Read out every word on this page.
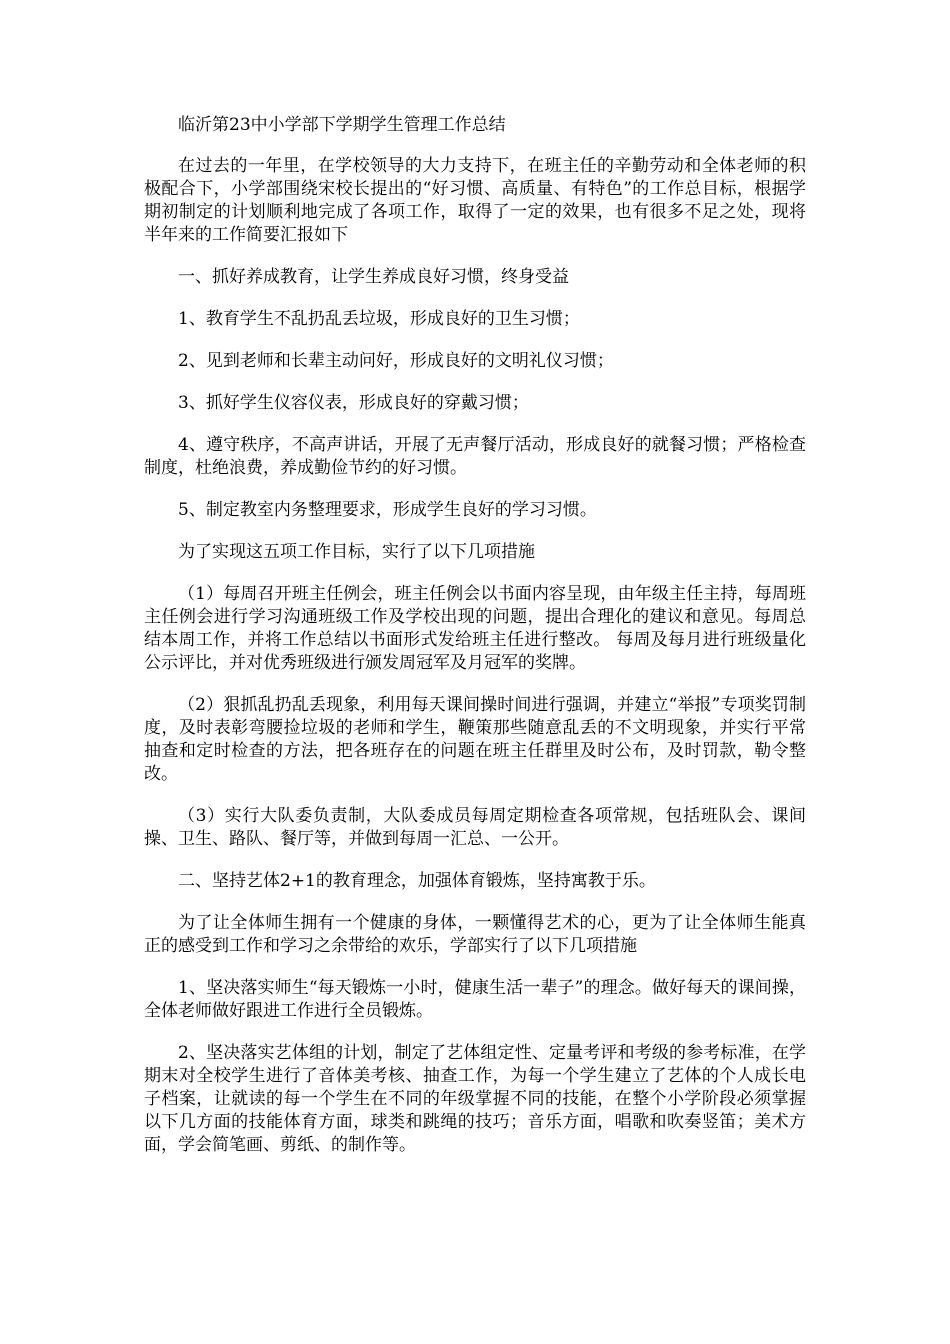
临沂第23中小学部下学期学生管理工作总结

在过去的一年里，在学校领导的大力支持下，在班主任的辛勤劳动和全体老师的积极配合下，小学部围绕宋校长提出的“好习惯、高质量、有特色”的工作总目标，根据学期初制定的计划顺利地完成了各项工作，取得了一定的效果，也有很多不足之处，现将半年来的工作简要汇报如下

一、抓好养成教育，让学生养成良好习惯，终身受益

1、教育学生不乱扔乱丢垃圾，形成良好的卫生习惯；

2、见到老师和长辈主动问好，形成良好的文明礼仪习惯；

3、抓好学生仪容仪表，形成良好的穿戴习惯；

4、遵守秩序，不高声讲话，开展了无声餐厅活动，形成良好的就餐习惯；严格检查制度，杜绝浪费，养成勤俭节约的好习惯。

5、制定教室内务整理要求，形成学生良好的学习习惯。

为了实现这五项工作目标，实行了以下几项措施

（1）每周召开班主任例会，班主任例会以书面内容呈现，由年级主任主持，每周班主任例会进行学习沟通班级工作及学校出现的问题，提出合理化的建议和意见。每周总结本周工作，并将工作总结以书面形式发给班主任进行整改。 每周及每月进行班级量化公示评比，并对优秀班级进行颁发周冠军及月冠军的奖牌。

（2）狠抓乱扔乱丢现象，利用每天课间操时间进行强调，并建立“举报”专项奖罚制度，及时表彰弯腰捡垃圾的老师和学生，鞭策那些随意乱丢的不文明现象，并实行平常抽查和定时检查的方法，把各班存在的问题在班主任群里及时公布，及时罚款，勒令整改。

（3）实行大队委负责制，大队委成员每周定期检查各项常规，包括班队会、课间操、卫生、路队、餐厅等，并做到每周一汇总、一公开。

二、坚持艺体2+1的教育理念，加强体育锻炼，坚持寓教于乐。

为了让全体师生拥有一个健康的身体，一颗懂得艺术的心，更为了让全体师生能真正的感受到工作和学习之余带给的欢乐，学部实行了以下几项措施

1、坚决落实师生“每天锻炼一小时，健康生活一辈子”的理念。做好每天的课间操，全体老师做好跟进工作进行全员锻炼。

2、坚决落实艺体组的计划，制定了艺体组定性、定量考评和考级的参考标准，在学期末对全校学生进行了音体美考核、抽查工作，为每一个学生建立了艺体的个人成长电子档案，让就读的每一个学生在不同的年级掌握不同的技能，在整个小学阶段必须掌握以下几方面的技能体育方面，球类和跳绳的技巧；音乐方面，唱歌和吹奏竖笛；美术方面，学会简笔画、剪纸、的制作等。
